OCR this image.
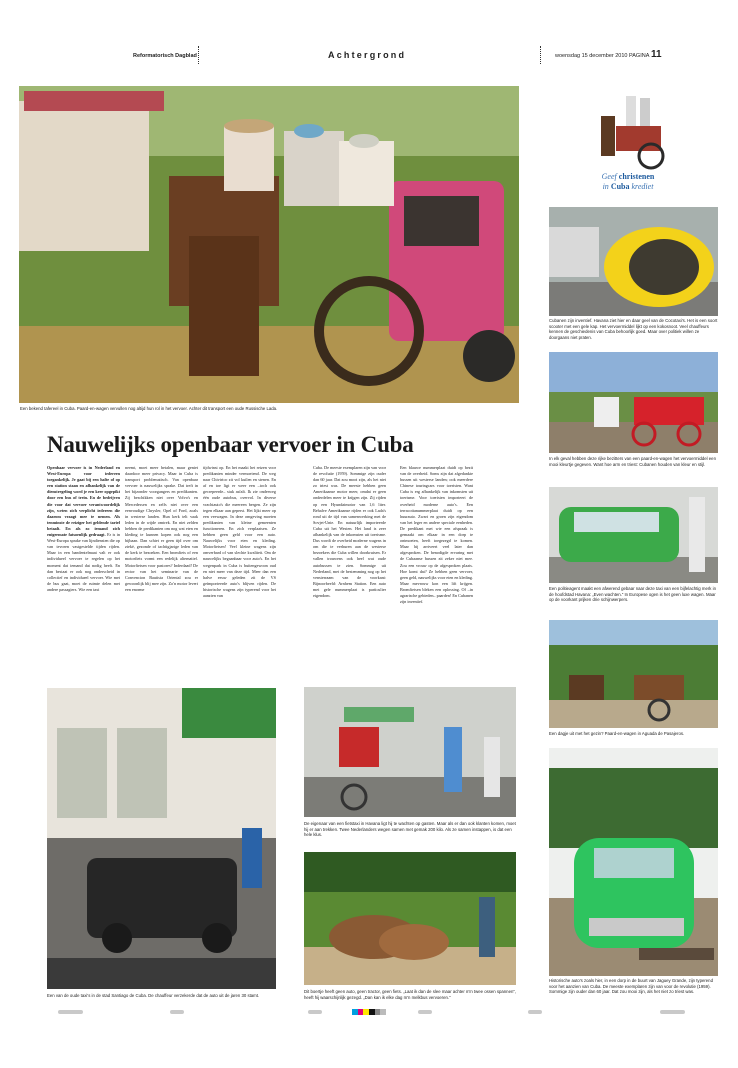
Reformatorisch Dagblad	Achtergrond	woensdag 15 december 2010 PAGINA 11
Een bekend tafereel in Cuba. Paard-en-wagen vervullen nog altijd hun rol in het vervoer. Achter dit transport een oude Russische Lada.
Geef christenen
in Cuba krediet
Cubanen zijn inventief. Havana ziet hier en daar geel van de Cocotaxi's. Het is een soort scooter met een gele kap. Het vervoermiddel lijkt op een kokosnoot. Veel chauffeurs kennen de geschiedenis van Cuba behoorlijk goed. Maar over politiek willen ze doorgaans niet praten.
In elk geval hebben deze rijke bezitters van een paard-en-wagen het vervoermiddel een mooi kleurtje gegeven. Want hoe arm en triest: Cubanen houden van kleur en stijl.
Een politieagent maakt een afwerend gebaar naar deze taxi van een bijfelachtig merk in de hoofdstad Havana: „Even wachten.” In Europese ogen is het geen luxe wagen. Maar op de voorkant prijken drie schijnwerpers.
Een dagje uit met het gezin? Paard-en-wagen in Aguada de Pasajeros.
Historische auto's zoals hier, in een dorp in de buurt van Jaguey Grande, zijn typerend voor het aanzien van Cuba. De meeste exemplaren zijn van voor de revolutie (1959). Sommige zijn ouder dan 60 jaar. Dat zou mooi zijn, als het niet zo triest was.
Nauwelijks openbaar vervoer in Cuba
Openbaar vervoer is in Nederland en West-Europa voor iedereen toegankelijk. Je gaat bij een halte of op een station staan en afhankelijk van de dienstregeling word je een keer opgepikt door een bus of trein. En de bedrijven die voor dat vervoer verantwoordelijk zijn, weten zich verplicht iedereen die daarom vraagt mee te nemen. Als tenminste de reiziger het geldende tarief betaalt. En als zo iemand zich enigermate fatsoenlijk gedraagt. Er is in West-Europa sprake van lijndiensten die op van tevoren vastgestelde tijden rijden. Maar in een bandentelmaat valt er ook individueel vervoer te regelen op het moment dat iemand dat nodig heeft. En dan bestaat er ook nog onderscheid in collectief en individueel vervoer. Wie met de bus gaat, moet de ruimte delen met andere passagiers. Wie een taxi
neemt, moet meer betalen, maar geniet daardoor meer privacy. Maar in Cuba is transport problematisch. Van openbaar vervoer is nauwelijks sprake. Dat treft in het bijzonder voorgangers en predikanten. Zij beschikken niet over Volvo's en Mercedessen en zelfs niet over een eenvoudige Chrysler, Opel of Ford, zoals in westerse landen. Hun kerk telt vaak leden in de wijde omtrek. En niet zelden hebben de predikanten om nog wat eten en kleding te kunnen kopen ook nog een bijbaan. Dan schiet er geen tijd over om ziekë, gezonde of tachtigjarige leden van de kerk te bezoeken. Een bromfiets of een motorfiets vormt een redelijk alternatief. Motorfietsen voor pastores? Inderdaad! De rector van het seminarie van de Convencion Bautista Oriental zou er gewoonlijk blij mee zijn. Zo'n motor levert een enorme
tijdwinst op. En het maakt het reizen voor predikanten minder vermoeiend. De weg naar Chivirico zit vol kuilen en stenen. En af en toe ligt er weer een –toch ook gecrepeerde– stuk asfalt. Ik zie onderweg één oude autobus, overvol. In diverse vrachtauto's die meereen bergen. Ze zijn tegen elkaar aan geperst. Het lijkt meer op een veewagen. In deze omgeving moeten predikanten van kleine gemeenten functioneren. En zich verplaatsen. Ze hebben geen geld voor een auto. Nauwelijks voor eten en kleding. Motorfietsen! Veel kleine wagens zijn omverbard of van slechte kwaliteit. Om de nauwelijks begaanbaar voor auto's. En het wegenpark in Cuba is buitengewoon oud en niet meer van deze tijd. Meer dan een halve eeuw geleden zit de VS geïmporteerde auto's blijven rijden. De historische wagens zijn typerend voor het aanzien van
Cuba. De meeste exemplaren zijn van voor de revolutie (1959). Sommige zijn ouder dan 60 jaar. Dat zou mooi zijn, als het niet zo triest was. De meeste hebben geen Amerikaanse motor meer, omdat er geen onderdelen meer te krijgen zijn. Zij rijden op een Hyundaimotor van 1,6 liter. Behalve Amerikaanse rijden er ook Lada's rond uit de tijd van samenwerking met de Sovjet-Unie. En natuurlijk importeerde Cuba uit het Westen. Het land is zeer afhankelijk van de inkomsten uit toerisme. Dus wordt de overheid moderne wagens in om die te verhuren aan de westerse bezoekers die Cuba willen doorkruisen. Er vallen trouwens ook heel wat oude autobussen te zien. Sommige uit Nederland, met de bestemming nog op het vensterraam van de voorkant: Bijnoorbeeld: Arnhem Station. Een auto met gele nummerplaat is particulier eigendom.
Een blauwe nummerplaat duidt op bezit van de overheid. Soms zijn dat afgedankte bussen uit westerse landen; ook meerdere Chinese touringcars voor toeristen. Want Cuba is erg afhankelijk van inkomsten uit toerisme. Voor toeristen importeert de overheid moderne auto's. Een terracottanummerplaat duidt op een huurauto. Zwart en groen zijn eigendom van het leger en andere speciale eenheden. De predikant met wie een afspraak is gemaakt om elkaar in een dorp te ontmoeten, heeft toegezegd te komen. Maar hij arriveert veel later dan afgesproken. De benodigde ervaring met de Cubaanse bussen zit zeker niet mee. Zou een vrouw op de afgesproken plaats. Hoe komt dat? Ze hebben geen vervoer, geen geld, nauwelijks voor eten en kleding. Maar mevrouw kon een lift krijgen. Bromfietsen bleken een oplossing. Of –in agrarische gebieden– paarden! En Cubanen zijn inventief.
Een van de oude taxi's in de stad Santiago de Cuba. De chauffeur verzekerde dat de auto uit de jaren 30 stamt.
De eigenaar van een fietstaxi in Havana ligt hij te wachten op gasten. Maar als er dan ook klanten komen, moet hij er aan trekken. Twee Nederlanders wegen samen met gemak 200 kilo. Als ze samen instappen, is dat een hele klus.
Dit boertje heeft geen auto, geen tractor, geen fiets. „Laat ik dan de slee maar achter m'n twee ossen spannen”, heeft hij waarschijnlijk gezegd. „Dan kan ik elke dag m'n melkbus vervoeren.”
